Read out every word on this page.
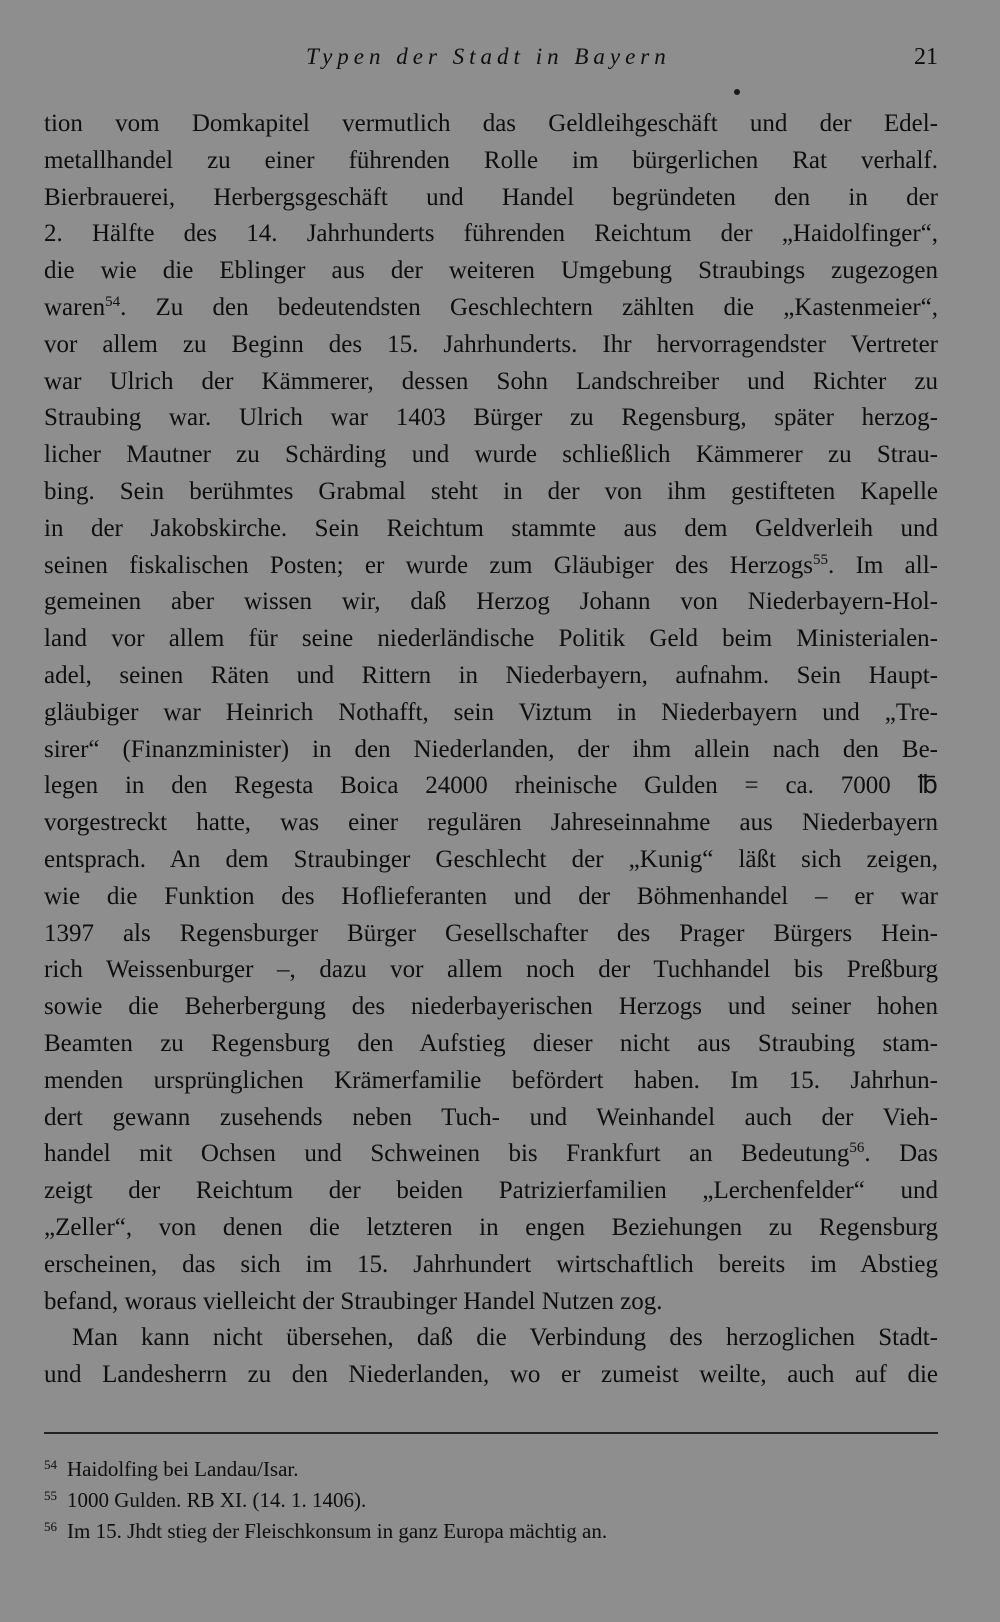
Typen der Stadt in Bayern	21
tion vom Domkapitel vermutlich das Geldleihgeschäft und der Edel-
metallhandel zu einer führenden Rolle im bürgerlichen Rat verhalf.
Bierbrauerei, Herbergsgeschäft und Handel begründeten den in der
2. Hälfte des 14. Jahrhunderts führenden Reichtum der „Haidolfinger“,
die wie die Eblinger aus der weiteren Umgebung Straubings zugezogen
waren$^{54}$. Zu den bedeutendsten Geschlechtern zählten die „Kastenmeier“,
vor allem zu Beginn des 15. Jahrhunderts. Ihr hervorragendster Vertreter
war Ulrich der Kämmerer, dessen Sohn Landschreiber und Richter zu
Straubing war. Ulrich war 1403 Bürger zu Regensburg, später herzog-
licher Mautner zu Schärding und wurde schließlich Kämmerer zu Strau-
bing. Sein berühmtes Grabmal steht in der von ihm gestifteten Kapelle
in der Jakobskirche. Sein Reichtum stammte aus dem Geldverleih und
seinen fiskalischen Posten; er wurde zum Gläubiger des Herzogs$^{55}$. Im all-
gemeinen aber wissen wir, daß Herzog Johann von Niederbayern-Hol-
land vor allem für seine niederländische Politik Geld beim Ministerialen-
adel, seinen Räten und Rittern in Niederbayern, aufnahm. Sein Haupt-
gläubiger war Heinrich Nothafft, sein Viztum in Niederbayern und „Tre-
sirer“ (Finanzminister) in den Niederlanden, der ihm allein nach den Be-
legen in den Regesta Boica 24000 rheinische Gulden = ca. 7000 ℔
vorgestreckt hatte, was einer regulären Jahreseinnahme aus Niederbayern
entsprach. An dem Straubinger Geschlecht der „Kunig“ läßt sich zeigen,
wie die Funktion des Hoflieferanten und der Böhmenhandel – er war
1397 als Regensburger Bürger Gesellschafter des Prager Bürgers Hein-
rich Weissenburger –, dazu vor allem noch der Tuchhandel bis Preßburg
sowie die Beherbergung des niederbayerischen Herzogs und seiner hohen
Beamten zu Regensburg den Aufstieg dieser nicht aus Straubing stam-
menden ursprünglichen Krämerfamilie befördert haben. Im 15. Jahrhun-
dert gewann zusehends neben Tuch- und Weinhandel auch der Vieh-
handel mit Ochsen und Schweinen bis Frankfurt an Bedeutung$^{56}$. Das
zeigt der Reichtum der beiden Patrizierfamilien „Lerchenfelder“ und
„Zeller“, von denen die letzteren in engen Beziehungen zu Regensburg
erscheinen, das sich im 15. Jahrhundert wirtschaftlich bereits im Abstieg
befand, woraus vielleicht der Straubinger Handel Nutzen zog.
Man kann nicht übersehen, daß die Verbindung des herzoglichen Stadt-
und Landesherrn zu den Niederlanden, wo er zumeist weilte, auch auf die
$^{54}$ Haidolfing bei Landau/Isar.
$^{55}$ 1000 Gulden. RB XI. (14. 1. 1406).
$^{56}$ Im 15. Jhdt stieg der Fleischkonsum in ganz Europa mächtig an.
